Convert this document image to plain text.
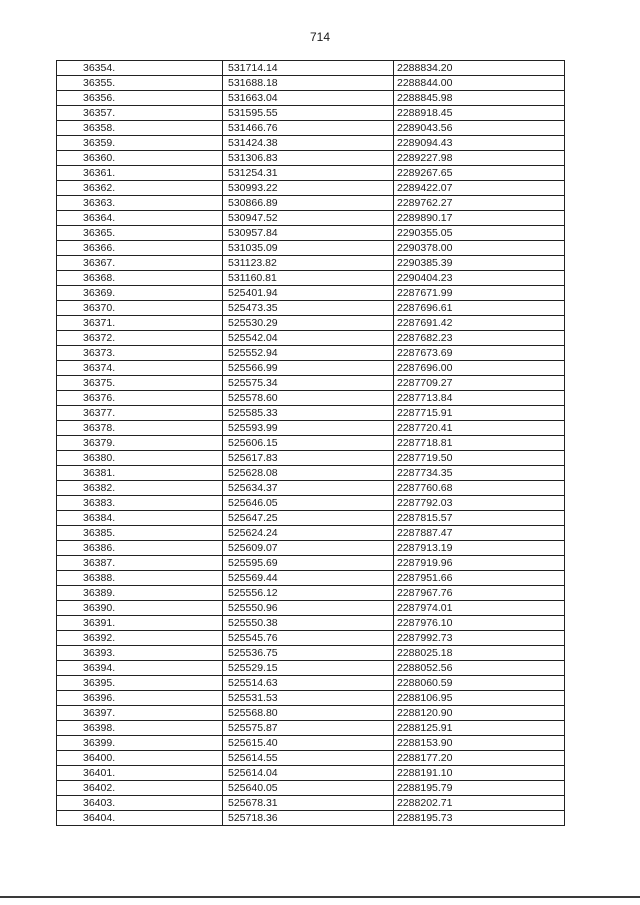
714
36354.	531714.14	2288834.20
36355.	531688.18	2288844.00
36356.	531663.04	2288845.98
36357.	531595.55	2288918.45
36358.	531466.76	2289043.56
36359.	531424.38	2289094.43
36360.	531306.83	2289227.98
36361.	531254.31	2289267.65
36362.	530993.22	2289422.07
36363.	530866.89	2289762.27
36364.	530947.52	2289890.17
36365.	530957.84	2290355.05
36366.	531035.09	2290378.00
36367.	531123.82	2290385.39
36368.	531160.81	2290404.23
36369.	525401.94	2287671.99
36370.	525473.35	2287696.61
36371.	525530.29	2287691.42
36372.	525542.04	2287682.23
36373.	525552.94	2287673.69
36374.	525566.99	2287696.00
36375.	525575.34	2287709.27
36376.	525578.60	2287713.84
36377.	525585.33	2287715.91
36378.	525593.99	2287720.41
36379.	525606.15	2287718.81
36380.	525617.83	2287719.50
36381.	525628.08	2287734.35
36382.	525634.37	2287760.68
36383.	525646.05	2287792.03
36384.	525647.25	2287815.57
36385.	525624.24	2287887.47
36386.	525609.07	2287913.19
36387.	525595.69	2287919.96
36388.	525569.44	2287951.66
36389.	525556.12	2287967.76
36390.	525550.96	2287974.01
36391.	525550.38	2287976.10
36392.	525545.76	2287992.73
36393.	525536.75	2288025.18
36394.	525529.15	2288052.56
36395.	525514.63	2288060.59
36396.	525531.53	2288106.95
36397.	525568.80	2288120.90
36398.	525575.87	2288125.91
36399.	525615.40	2288153.90
36400.	525614.55	2288177.20
36401.	525614.04	2288191.10
36402.	525640.05	2288195.79
36403.	525678.31	2288202.71
36404.	525718.36	2288195.73
